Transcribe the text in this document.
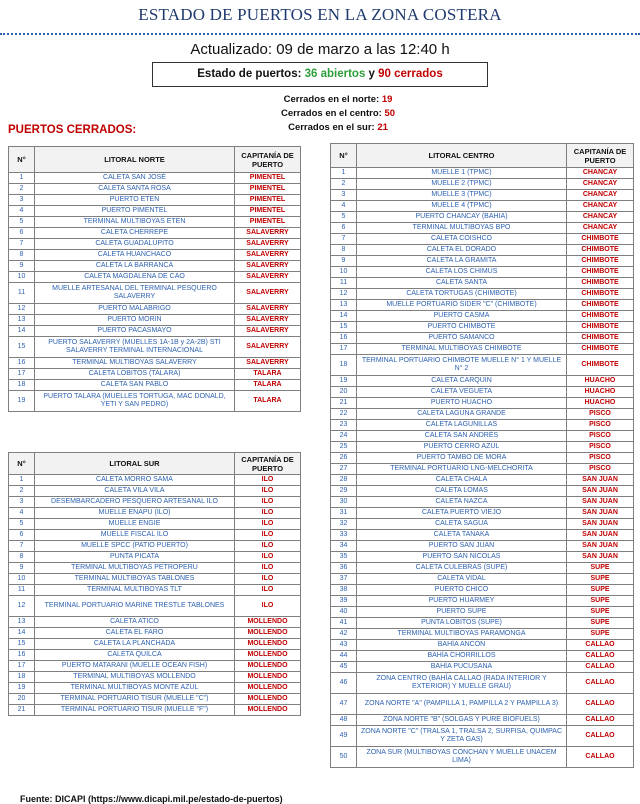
ESTADO DE PUERTOS EN LA ZONA COSTERA
Actualizado: 09 de marzo a las 12:40 h
Estado de puertos: 36 abiertos y 90 cerrados
Cerrados en el norte: 19
Cerrados en el centro: 50
Cerrados en el sur: 21
PUERTOS CERRADOS:
N°	LITORAL NORTE	CAPITANÍA DE PUERTO
1	CALETA SAN JOSÉ	PIMENTEL
2	CALETA SANTA ROSA	PIMENTEL
3	PUERTO ETEN	PIMENTEL
4	PUERTO PIMENTEL	PIMENTEL
5	TERMINAL MULTIBOYAS ETEN	PIMENTEL
6	CALETA CHERREPE	SALAVERRY
7	CALETA GUADALUPITO	SALAVERRY
8	CALETA HUANCHACO	SALAVERRY
9	CALETA LA BARRANCA	SALAVERRY
10	CALETA MAGDALENA DE CAO	SALAVERRY
11	MUELLE ARTESANAL DEL TERMINAL PESQUERO SALAVERRY	SALAVERRY
12	PUERTO MALABRIGO	SALAVERRY
13	PUERTO MORIN	SALAVERRY
14	PUERTO PACASMAYO	SALAVERRY
15	PUERTO SALAVERRY (MUELLES 1A-1B y 2A-2B) STI SALAVERRY TERMINAL INTERNACIONAL	SALAVERRY
16	TERMINAL MULTIBOYAS SALAVERRY	SALAVERRY
17	CALETA LOBITOS (TALARA)	TALARA
18	CALETA SAN PABLO	TALARA
19	PUERTO TALARA (MUELLES TORTUGA, MAC DONALD, YETI Y SAN PEDRO)	TALARA
N°	LITORAL SUR	CAPITANÍA DE PUERTO
1	CALETA MORRO SAMA	ILO
2	CALETA VILA VILA	ILO
3	DESEMBARCADERO PESQUERO ARTESANAL ILO	ILO
4	MUELLE ENAPU (ILO)	ILO
5	MUELLE ENGIE	ILO
6	MUELLE FISCAL ILO	ILO
7	MUELLE SPCC (PATIO PUERTO)	ILO
8	PUNTA PICATA	ILO
9	TERMINAL MULTIBOYAS PETROPERU	ILO
10	TERMINAL MULTIBOYAS TABLONES	ILO
11	TERMINAL MULTIBOYAS TLT	ILO
12	TERMINAL PORTUARIO MARINE TRESTLE TABLONES	ILO
13	CALETA ATICO	MOLLENDO
14	CALETA EL FARO	MOLLENDO
15	CALETA LA PLANCHADA	MOLLENDO
16	CALETA QUILCA	MOLLENDO
17	PUERTO MATARANI (MUELLE OCEAN FISH)	MOLLENDO
18	TERMINAL MULTIBOYAS MOLLENDO	MOLLENDO
19	TERMINAL MULTIBOYAS MONTE AZUL	MOLLENDO
20	TERMINAL PORTUARIO TISUR (MUELLE "C")	MOLLENDO
21	TERMINAL PORTUARIO TISUR (MUELLE "F")	MOLLENDO
N°	LITORAL CENTRO	CAPITANÍA DE PUERTO
1	MUELLE 1 (TPMC)	CHANCAY
2	MUELLE 2 (TPMC)	CHANCAY
3	MUELLE 3 (TPMC)	CHANCAY
4	MUELLE 4 (TPMC)	CHANCAY
5	PUERTO CHANCAY (BAHIA)	CHANCAY
6	TERMINAL MULTIBOYAS BPO	CHANCAY
7	CALETA COISHCO	CHIMBOTE
8	CALETA EL DORADO	CHIMBOTE
9	CALETA LA GRAMITA	CHIMBOTE
10	CALETA LOS CHIMUS	CHIMBOTE
11	CALETA SANTA	CHIMBOTE
12	CALETA TORTUGAS (CHIMBOTE)	CHIMBOTE
13	MUELLE PORTUARIO SIDER "C" (CHIMBOTE)	CHIMBOTE
14	PUERTO CASMA	CHIMBOTE
15	PUERTO CHIMBOTE	CHIMBOTE
16	PUERTO SAMANCO	CHIMBOTE
17	TERMINAL MULTIBOYAS CHIMBOTE	CHIMBOTE
18	TERMINAL PORTUARIO CHIMBOTE MUELLE N° 1 Y MUELLE N° 2	CHIMBOTE
19	CALETA CARQUIN	HUACHO
20	CALETA VEGUETA	HUACHO
21	PUERTO HUACHO	HUACHO
22	CALETA LAGUNA GRANDE	PISCO
23	CALETA LAGUNILLAS	PISCO
24	CALETA SAN ANDRÉS	PISCO
25	PUERTO CERRO AZUL	PISCO
26	PUERTO TAMBO DE MORA	PISCO
27	TERMINAL PORTUARIO LNG-MELCHORITA	PISCO
28	CALETA CHALA	SAN JUAN
29	CALETA LOMAS	SAN JUAN
30	CALETA NAZCA	SAN JUAN
31	CALETA PUERTO VIEJO	SAN JUAN
32	CALETA SAGUA	SAN JUAN
33	CALETA TANAKA	SAN JUAN
34	PUERTO SAN JUAN	SAN JUAN
35	PUERTO SAN NICOLAS	SAN JUAN
36	CALETA CULEBRAS (SUPE)	SUPE
37	CALETA VIDAL	SUPE
38	PUERTO CHICO	SUPE
39	PUERTO HUARMEY	SUPE
40	PUERTO SUPE	SUPE
41	PUNTA LOBITOS (SUPE)	SUPE
42	TERMINAL MULTIBOYAS PARAMONGA	SUPE
43	BAHÍA ANCON	CALLAO
44	BAHÍA CHORRILLOS	CALLAO
45	BAHÍA PUCUSANA	CALLAO
46	ZONA CENTRO (BAHÍA CALLAO (RADA INTERIOR Y EXTERIOR) Y MUELLE GRAU)	CALLAO
47	ZONA NORTE "A" (PAMPILLA 1, PAMPILLA 2 Y PAMPILLA 3)	CALLAO
48	ZONA NORTE "B" (SOLGAS Y PURE BIOFUELS)	CALLAO
49	ZONA NORTE "C" (TRALSA 1, TRALSA 2, SURFISA, QUIMPAC Y ZETA GAS)	CALLAO
50	ZONA SUR (MULTIBOYAS CONCHAN Y MUELLE UNACEM LIMA)	CALLAO
Fuente: DICAPI (https://www.dicapi.mil.pe/estado-de-puertos)
